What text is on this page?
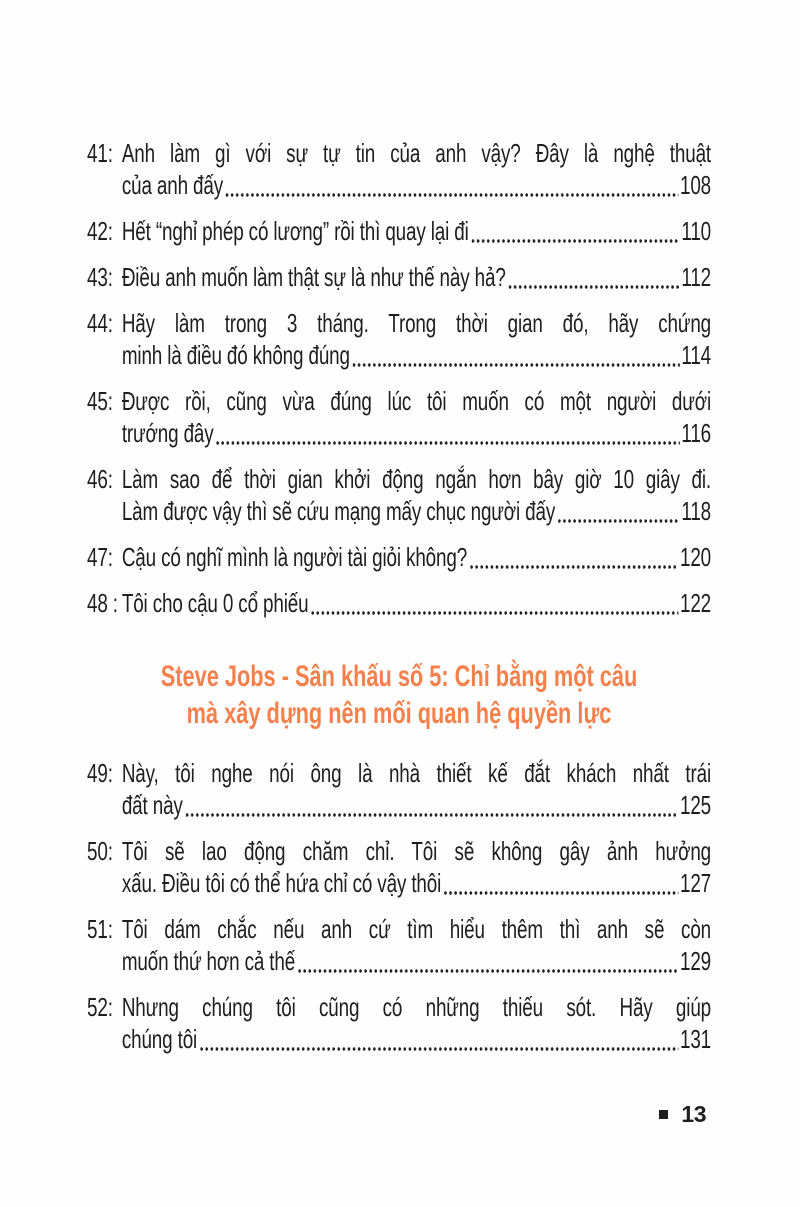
41: Anh làm gì với sự tự tin của anh vậy? Đây là nghệ thuật
của anh đấy	108
42: Hết “nghỉ phép có lương” rồi thì quay lại đi	110
43: Điều anh muốn làm thật sự là như thế này hả?	112
44: Hãy làm trong 3 tháng. Trong thời gian đó, hãy chứng
minh là điều đó không đúng	114
45: Được rồi, cũng vừa đúng lúc tôi muốn có một người dưới
trướng đây	116
46: Làm sao để thời gian khởi động ngắn hơn bây giờ 10 giây đi.
Làm được vậy thì sẽ cứu mạng mấy chục người đấy	118
47: Cậu có nghĩ mình là người tài giỏi không?	120
48 : Tôi cho cậu 0 cổ phiếu	122
Steve Jobs - Sân khấu số 5: Chỉ bằng một câu
mà xây dựng nên mối quan hệ quyền lực
49: Này, tôi nghe nói ông là nhà thiết kế đắt khách nhất trái
đất này	125
50: Tôi sẽ lao động chăm chỉ. Tôi sẽ không gây ảnh hưởng
xấu. Điều tôi có thể hứa chỉ có vậy thôi	127
51: Tôi dám chắc nếu anh cứ tìm hiểu thêm thì anh sẽ còn
muốn thứ hơn cả thế	129
52: Nhưng chúng tôi cũng có những thiếu sót. Hãy giúp
chúng tôi	131
13
